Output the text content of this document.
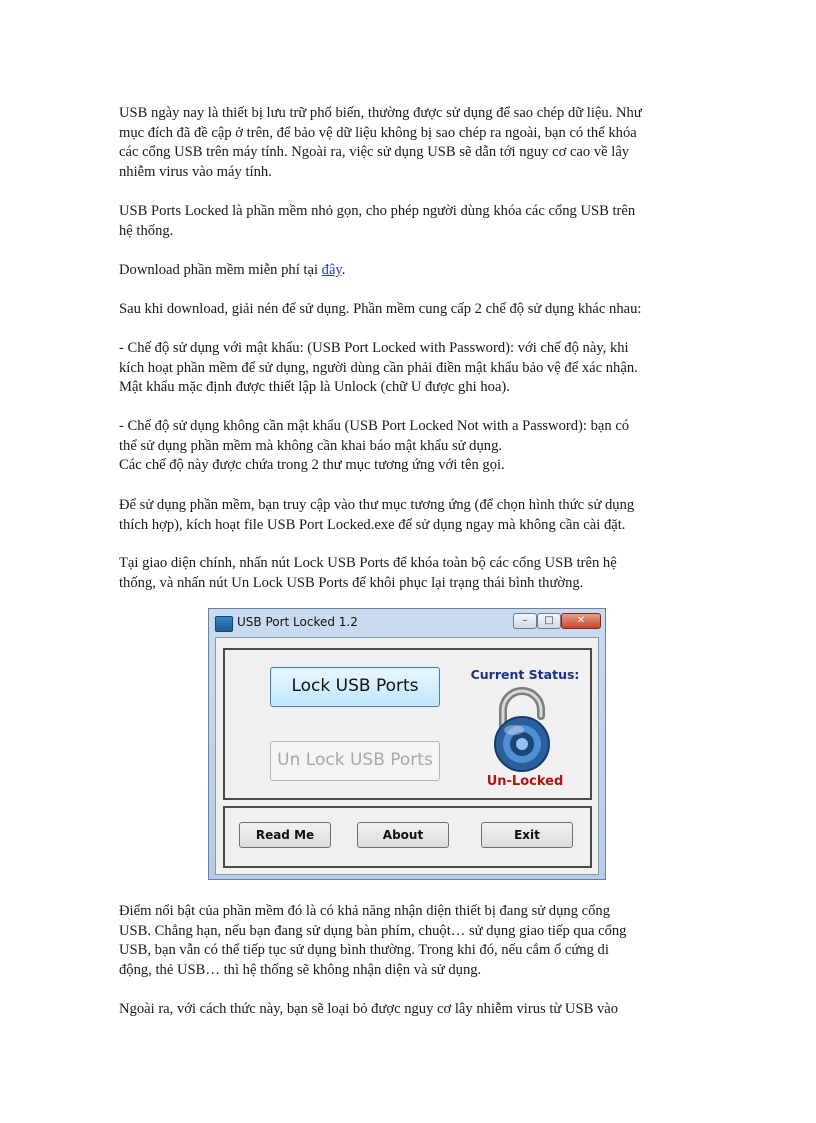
USB ngày nay là thiết bị lưu trữ phổ biến, thường được sử dụng để sao chép dữ liệu. Như
mục đích đã đề cập ở trên, để bảo vệ dữ liệu không bị sao chép ra ngoài, bạn có thể khóa
các cổng USB trên máy tính. Ngoài ra, việc sử dụng USB sẽ dẫn tới nguy cơ cao về lây
nhiễm virus vào máy tính.

USB Ports Locked là phần mềm nhỏ gọn, cho phép người dùng khóa các cổng USB trên
hệ thống.

Download phần mềm miễn phí tại đây.

Sau khi download, giải nén để sử dụng. Phần mềm cung cấp 2 chế độ sử dụng khác nhau:

- Chế độ sử dụng với mật khẩu: (USB Port Locked with Password): với chế độ này, khi
kích hoạt phần mềm để sử dụng, người dùng cần phải điền mật khẩu bảo vệ để xác nhận.
Mật khẩu mặc định được thiết lập là Unlock (chữ U được ghi hoa).

- Chế độ sử dụng không cần mật khẩu (USB Port Locked Not with a Password): bạn có
thể sử dụng phần mềm mà không cần khai báo mật khẩu sử dụng.
Các chế độ này được chứa trong 2 thư mục tương ứng với tên gọi.

Để sử dụng phần mềm, bạn truy cập vào thư mục tương ứng (để chọn hình thức sử dụng
thích hợp), kích hoạt file USB Port Locked.exe để sử dụng ngay mà không cần cài đặt.

Tại giao diện chính, nhấn nút Lock USB Ports để khóa toàn bộ các cổng USB trên hệ
thống, và nhấn nút Un Lock USB Ports để khôi phục lại trạng thái bình thường.

USB Port Locked 1.2	–	□	✕
Lock USB Ports
Un Lock USB Ports
Current Status:
Un-Locked
Read Me	About	Exit

Điểm nổi bật của phần mềm đó là có khả năng nhận diện thiết bị đang sử dụng cổng
USB. Chẳng hạn, nếu bạn đang sử dụng bàn phím, chuột… sử dụng giao tiếp qua cổng
USB, bạn vẫn có thể tiếp tục sử dụng bình thường. Trong khi đó, nếu cắm ổ cứng di
động, thẻ USB… thì hệ thống sẽ không nhận diện và sử dụng.

Ngoài ra, với cách thức này, bạn sẽ loại bỏ được nguy cơ lây nhiễm virus từ USB vào
